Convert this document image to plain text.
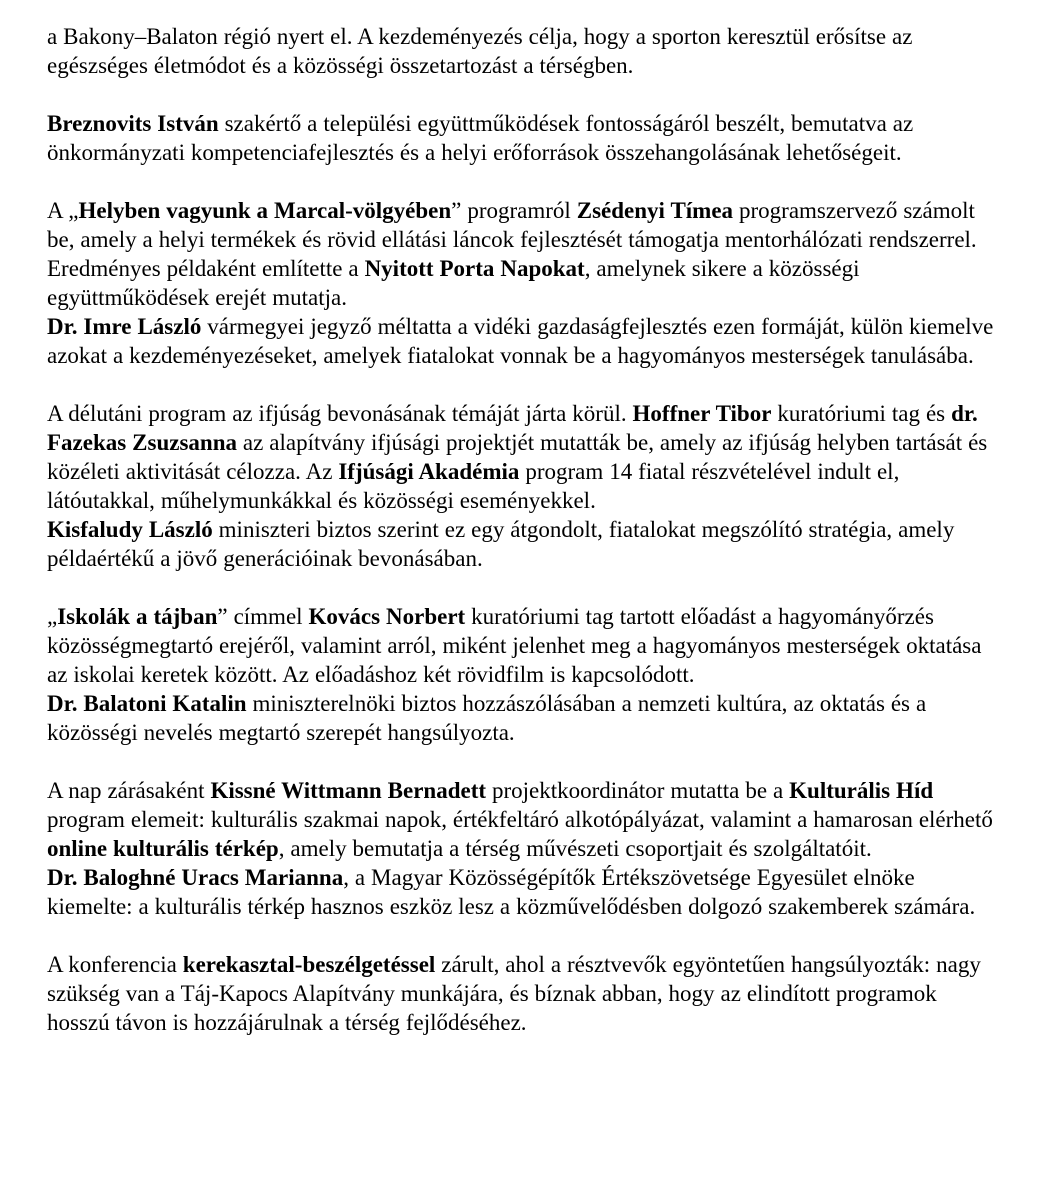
a Bakony–Balaton régió nyert el. A kezdeményezés célja, hogy a sporton keresztül erősítse az egészséges életmódot és a közösségi összetartozást a térségben.

Breznovits István szakértő a települési együttműködések fontosságáról beszélt, bemutatva az önkormányzati kompetenciafejlesztés és a helyi erőforrások összehangolásának lehetőségeit.

A „Helyben vagyunk a Marcal-völgyében” programról Zsédenyi Tímea programszervező számolt be, amely a helyi termékek és rövid ellátási láncok fejlesztését támogatja mentorhálózati rendszerrel. Eredményes példaként említette a Nyitott Porta Napokat, amelynek sikere a közösségi együttműködések erejét mutatja.

Dr. Imre László vármegyei jegyző méltatta a vidéki gazdaságfejlesztés ezen formáját, külön kiemelve azokat a kezdeményezéseket, amelyek fiatalokat vonnak be a hagyományos mesterségek tanulásába.

A délutáni program az ifjúság bevonásának témáját járta körül. Hoffner Tibor kuratóriumi tag és dr. Fazekas Zsuzsanna az alapítvány ifjúsági projektjét mutatták be, amely az ifjúság helyben tartását és közéleti aktivitását célozza. Az Ifjúsági Akadémia program 14 fiatal részvételével indult el, látóutakkal, műhelymunkákkal és közösségi eseményekkel.

Kisfaludy László miniszteri biztos szerint ez egy átgondolt, fiatalokat megszólító stratégia, amely példaértékű a jövő generációinak bevonásában.

„Iskolák a tájban” címmel Kovács Norbert kuratóriumi tag tartott előadást a hagyományőrzés közösségmegtartó erejéről, valamint arról, miként jelenhet meg a hagyományos mesterségek oktatása az iskolai keretek között. Az előadáshoz két rövidfilm is kapcsolódott.

Dr. Balatoni Katalin miniszterelnöki biztos hozzászólásában a nemzeti kultúra, az oktatás és a közösségi nevelés megtartó szerepét hangsúlyozta.

A nap zárásaként Kissné Wittmann Bernadett projektkoordinátor mutatta be a Kulturális Híd program elemeit: kulturális szakmai napok, értékfeltáró alkotópályázat, valamint a hamarosan elérhető online kulturális térkép, amely bemutatja a térség művészeti csoportjait és szolgáltatóit.

Dr. Baloghné Uracs Marianna, a Magyar Közösségépítők Értékszövetsége Egyesület elnöke kiemelte: a kulturális térkép hasznos eszköz lesz a közművelődésben dolgozó szakemberek számára.

A konferencia kerekasztal-beszélgetéssel zárult, ahol a résztvevők egyöntetűen hangsúlyozták: nagy szükség van a Táj-Kapocs Alapítvány munkájára, és bíznak abban, hogy az elindított programok hosszú távon is hozzájárulnak a térség fejlődéséhez.
